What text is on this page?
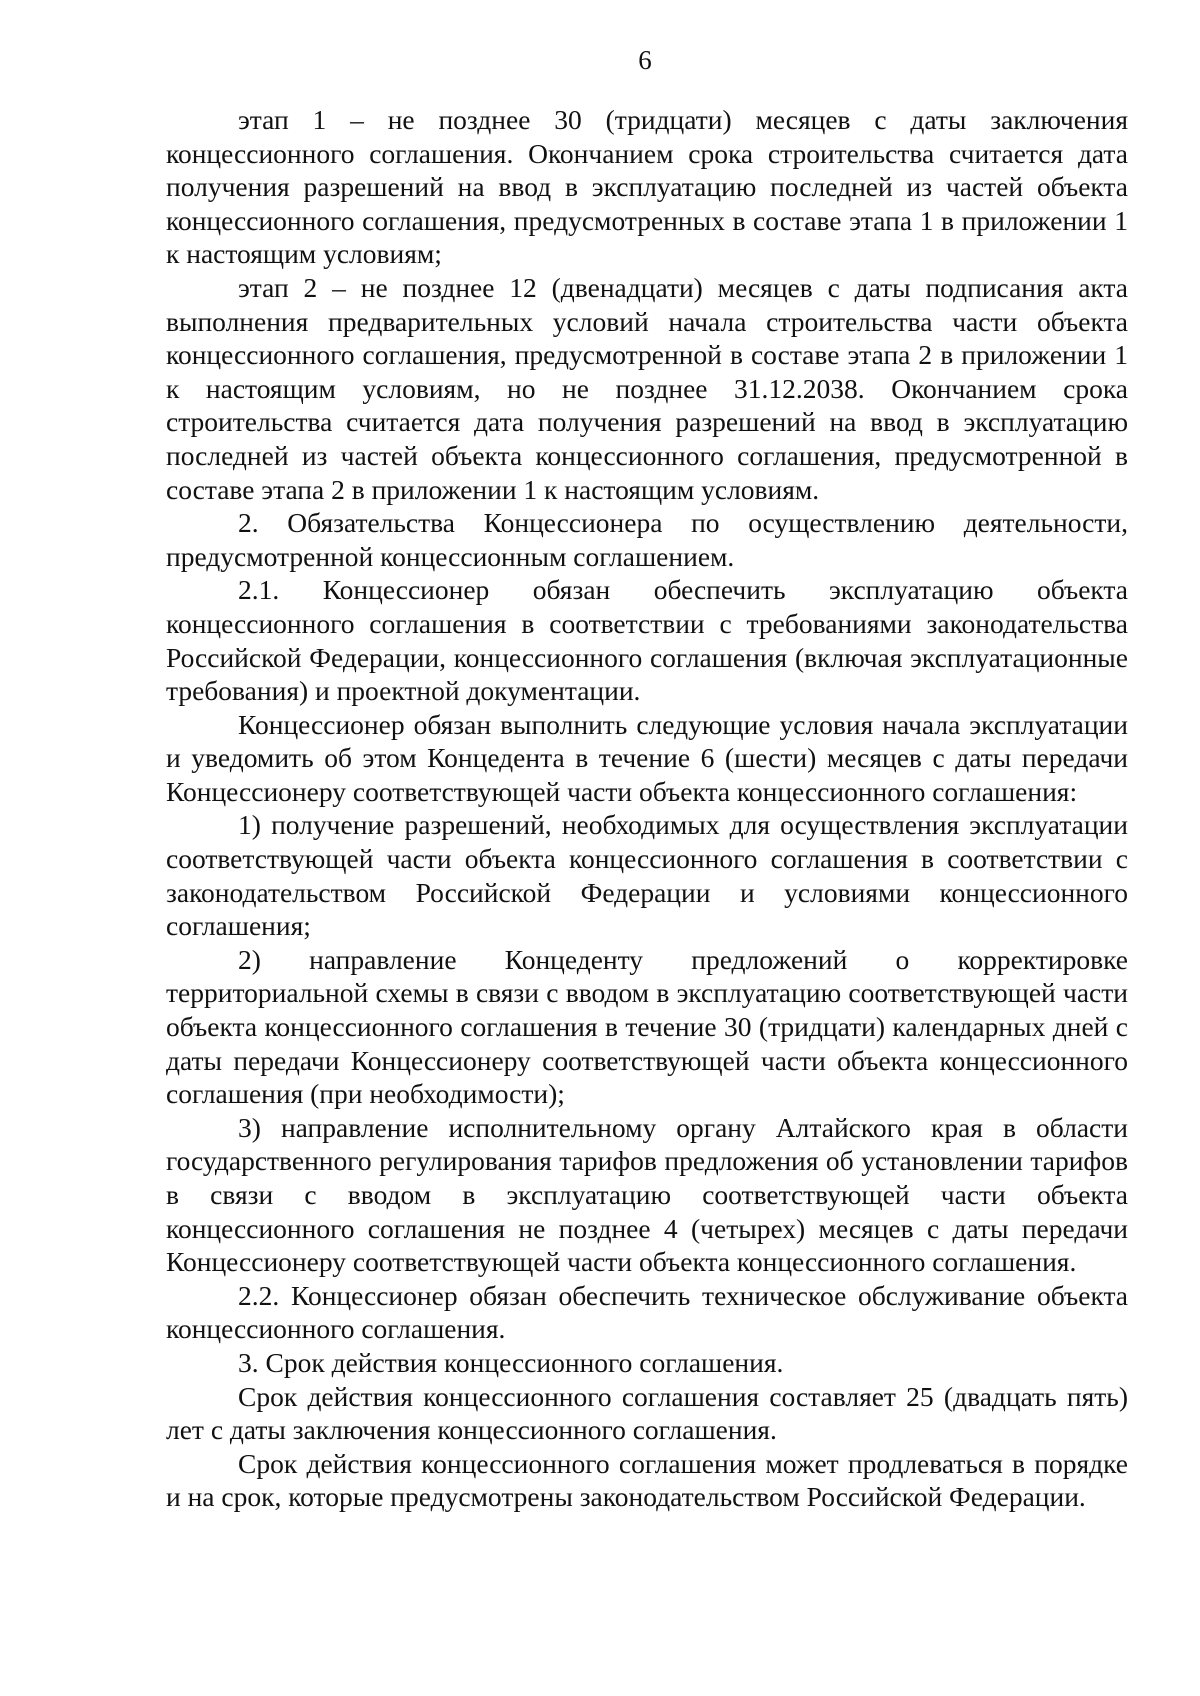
6

этап 1 – не позднее 30 (тридцати) месяцев с даты заключения концессионного соглашения. Окончанием срока строительства считается дата получения разрешений на ввод в эксплуатацию последней из частей объекта концессионного соглашения, предусмотренных в составе этапа 1 в приложении 1 к настоящим условиям;

этап 2 – не позднее 12 (двенадцати) месяцев с даты подписания акта выполнения предварительных условий начала строительства части объекта концессионного соглашения, предусмотренной в составе этапа 2 в приложении 1 к настоящим условиям, но не позднее 31.12.2038. Окончанием срока строительства считается дата получения разрешений на ввод в эксплуатацию последней из частей объекта концессионного соглашения, предусмотренной в составе этапа 2 в приложении 1 к настоящим условиям.

2. Обязательства Концессионера по осуществлению деятельности, предусмотренной концессионным соглашением.

2.1. Концессионер обязан обеспечить эксплуатацию объекта концессионного соглашения в соответствии с требованиями законодательства Российской Федерации, концессионного соглашения (включая эксплуатационные требования) и проектной документации.

Концессионер обязан выполнить следующие условия начала эксплуатации и уведомить об этом Концедента в течение 6 (шести) месяцев с даты передачи Концессионеру соответствующей части объекта концессионного соглашения:

1) получение разрешений, необходимых для осуществления эксплуатации соответствующей части объекта концессионного соглашения в соответствии с законодательством Российской Федерации и условиями концессионного соглашения;

2) направление Концеденту предложений о корректировке территориальной схемы в связи с вводом в эксплуатацию соответствующей части объекта концессионного соглашения в течение 30 (тридцати) календарных дней с даты передачи Концессионеру соответствующей части объекта концессионного соглашения (при необходимости);

3) направление исполнительному органу Алтайского края в области государственного регулирования тарифов предложения об установлении тарифов в связи с вводом в эксплуатацию соответствующей части объекта концессионного соглашения не позднее 4 (четырех) месяцев с даты передачи Концессионеру соответствующей части объекта концессионного соглашения.

2.2. Концессионер обязан обеспечить техническое обслуживание объекта концессионного соглашения.

3. Срок действия концессионного соглашения.

Срок действия концессионного соглашения составляет 25 (двадцать пять) лет с даты заключения концессионного соглашения.

Срок действия концессионного соглашения может продлеваться в порядке и на срок, которые предусмотрены законодательством Российской Федерации.
